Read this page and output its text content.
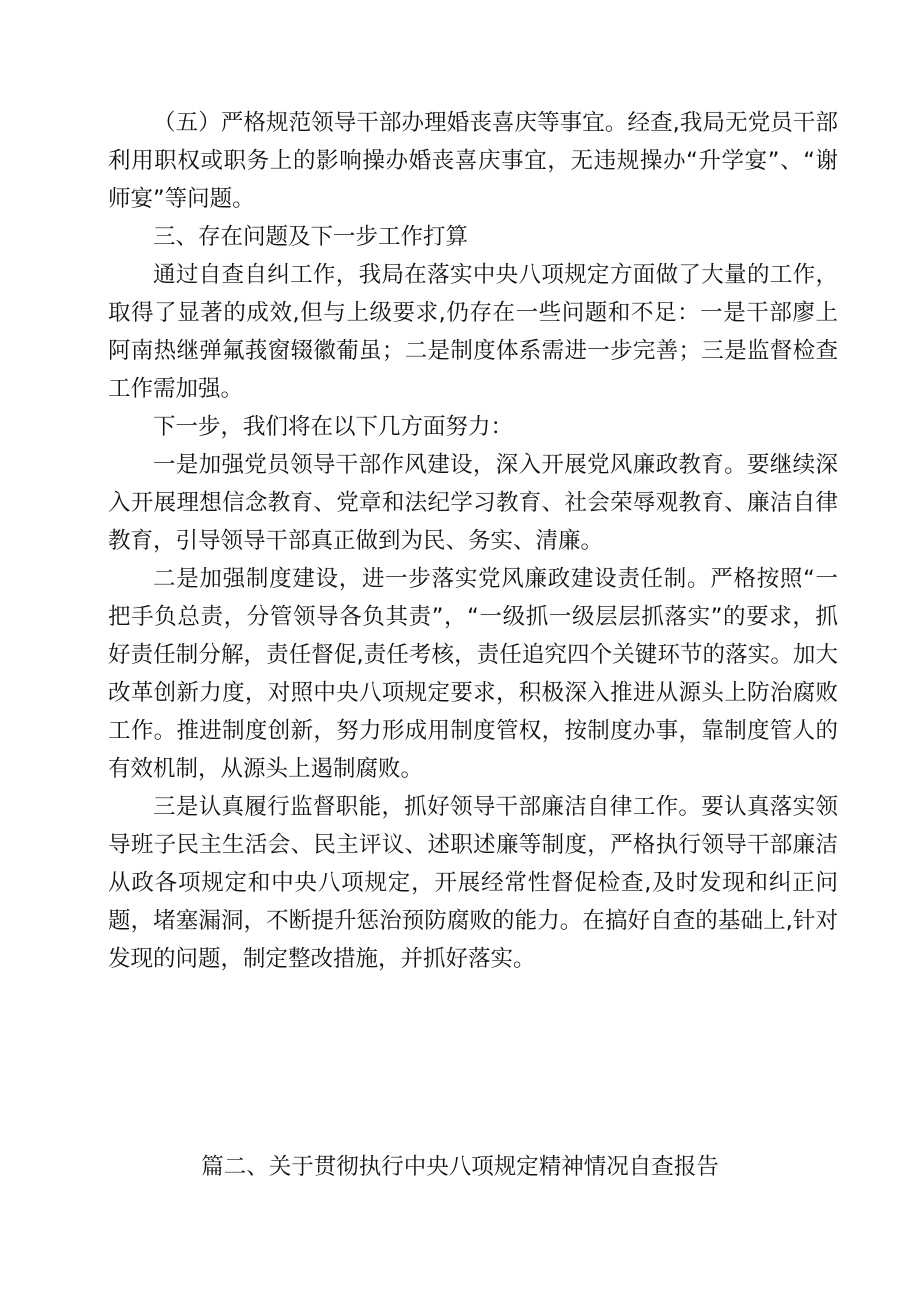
（五）严格规范领导干部办理婚丧喜庆等事宜。经查,我局无党员干部利用职权或职务上的影响操办婚丧喜庆事宜，无违规操办“升学宴”、“谢师宴”等问题。

三、存在问题及下一步工作打算

通过自查自纠工作，我局在落实中央八项规定方面做了大量的工作，取得了显著的成效,但与上级要求,仍存在一些问题和不足：一是干部廖上阿南热继弹氟莪窗辍徽葡虽；二是制度体系需进一步完善；三是监督检查工作需加强。

下一步，我们将在以下几方面努力：

一是加强党员领导干部作风建设，深入开展党风廉政教育。要继续深入开展理想信念教育、党章和法纪学习教育、社会荣辱观教育、廉洁自律教育，引导领导干部真正做到为民、务实、清廉。

二是加强制度建设，进一步落实党风廉政建设责任制。严格按照“一把手负总责，分管领导各负其责”，“一级抓一级层层抓落实”的要求，抓好责任制分解，责任督促,责任考核，责任追究四个关键环节的落实。加大改革创新力度，对照中央八项规定要求，积极深入推进从源头上防治腐败工作。推进制度创新，努力形成用制度管权，按制度办事，靠制度管人的有效机制，从源头上遏制腐败。

三是认真履行监督职能，抓好领导干部廉洁自律工作。要认真落实领导班子民主生活会、民主评议、述职述廉等制度，严格执行领导干部廉洁从政各项规定和中央八项规定，开展经常性督促检查,及时发现和纠正问题，堵塞漏洞，不断提升惩治预防腐败的能力。在搞好自查的基础上,针对发现的问题，制定整改措施，并抓好落实。

篇二、关于贯彻执行中央八项规定精神情况自查报告
